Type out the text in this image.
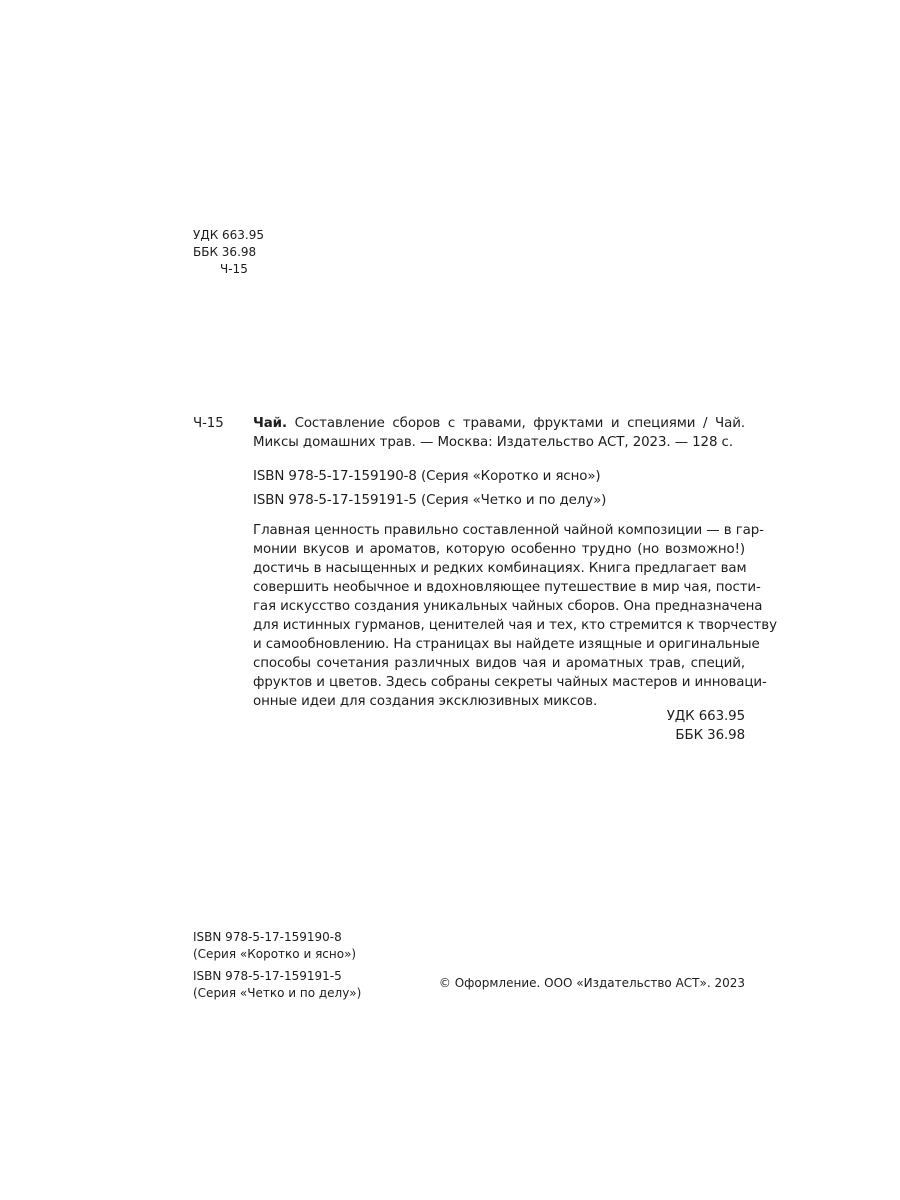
УДК 663.95
ББК 36.98
Ч-15
Ч-15 Чай. Составление сборов с травами, фруктами и специями / Чай.
Миксы домашних трав. — Москва: Издательство АСТ, 2023. — 128 с.
ISBN 978-5-17-159190-8 (Серия «Коротко и ясно»)
ISBN 978-5-17-159191-5 (Серия «Четко и по делу»)
Главная ценность правильно составленной чайной композиции — в гар-
монии вкусов и ароматов, которую особенно трудно (но возможно!)
достичь в насыщенных и редких комбинациях. Книга предлагает вам
совершить необычное и вдохновляющее путешествие в мир чая, пости-
гая искусство создания уникальных чайных сборов. Она предназначена
для истинных гурманов, ценителей чая и тех, кто стремится к творчеству
и самообновлению. На страницах вы найдете изящные и оригинальные
способы сочетания различных видов чая и ароматных трав, специй,
фруктов и цветов. Здесь собраны секреты чайных мастеров и инноваци-
онные идеи для создания эксклюзивных миксов.
УДК 663.95
ББК 36.98
ISBN 978-5-17-159190-8
(Серия «Коротко и ясно»)
ISBN 978-5-17-159191-5
(Серия «Четко и по делу»)
© Оформление. ООО «Издательство АСТ». 2023
